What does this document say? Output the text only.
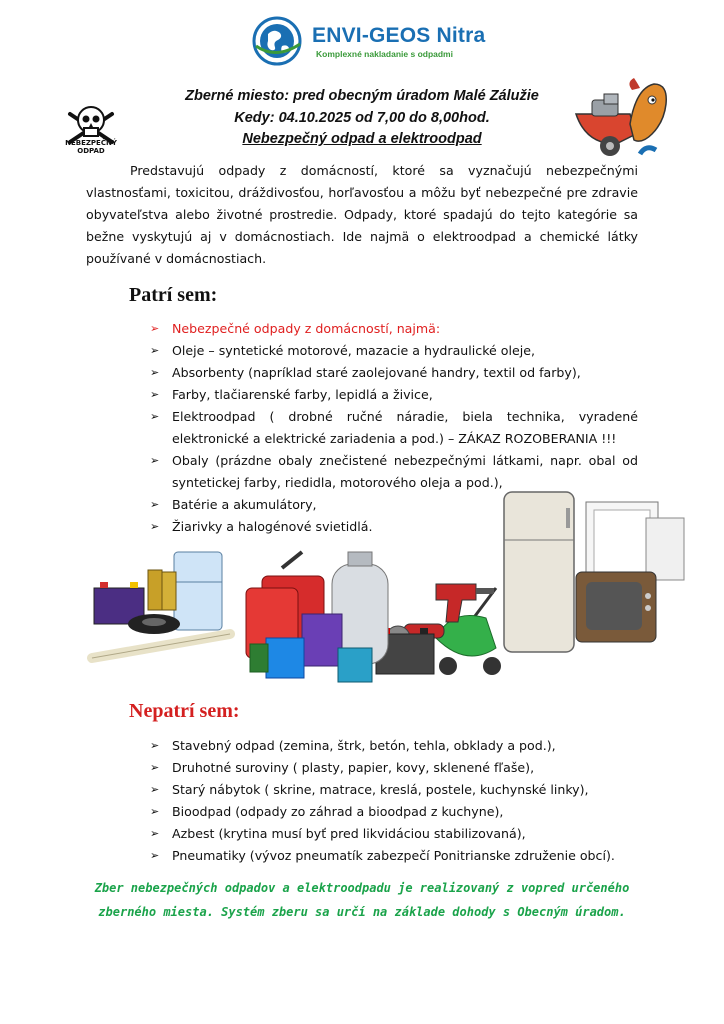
ENVI-GEOS Nitra
Komplexné nakladanie s odpadmi
NEBEZPEČNÝ
ODPAD
Zberné miesto: pred obecným úradom Malé Zálužie
Kedy: 04.10.2025 od 7,00 do 8,00hod.
Nebezpečný odpad a elektroodpad

Predstavujú odpady z domácností, ktoré sa vyznačujú nebezpečnými vlastnosťami, toxicitou, dráždivosťou, horľavosťou a môžu byť nebezpečné pre zdravie obyvateľstva alebo životné prostredie. Odpady, ktoré spadajú do tejto kategórie sa bežne vyskytujú aj v domácnostiach. Ide najmä o elektroodpad a chemické látky používané v domácnostiach.

Patrí sem:
➢ Nebezpečné odpady z domácností, najmä:
➢ Oleje – syntetické motorové, mazacie a hydraulické oleje,
➢ Absorbenty (napríklad staré zaolejované handry, textil od farby),
➢ Farby, tlačiarenské farby, lepidlá a živice,
➢ Elektroodpad ( drobné ručné náradie, biela technika, vyradené elektronické a elektrické zariadenia a pod.) – ZÁKAZ ROZOBERANIA !!!
➢ Obaly (prázdne obaly znečistené nebezpečnými látkami, napr. obal od syntetickej farby, riedidla, motorového oleja a pod.),
➢ Batérie a akumulátory,
➢ Žiarivky a halogénové svietidlá.
Nepatrí sem:
➢ Stavebný odpad (zemina, štrk, betón, tehla, obklady a pod.),
➢ Druhotné suroviny ( plasty, papier, kovy, sklenené fľaše),
➢ Starý nábytok ( skrine, matrace, kreslá, postele, kuchynské linky),
➢ Bioodpad (odpady zo záhrad a bioodpad z kuchyne),
➢ Azbest (krytina musí byť pred likvidáciou stabilizovaná),
➢ Pneumatiky (vývoz pneumatík zabezpečí Ponitrianske združenie obcí).
Zber nebezpečných odpadov a elektroodpadu je realizovaný z vopred určeného
zberného miesta. Systém zberu sa určí na základe dohody s Obecným úradom.
